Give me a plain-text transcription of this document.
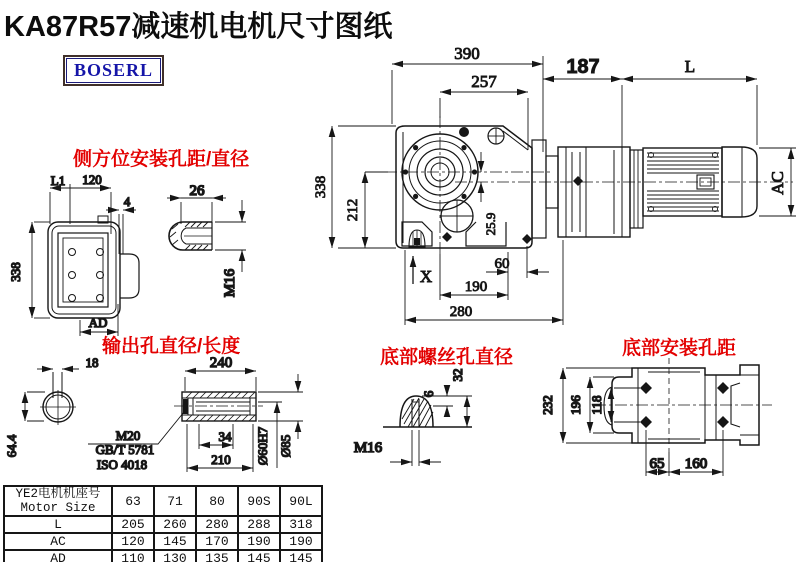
KA87R57减速机电机尺寸图纸
BOSERL
侧方位安装孔距/直径
输出孔直径/长度
底部螺丝孔直径	底部安装孔距
390
257
187	L
AC
338
212
25.9
60
190
280
X
L1 120
4
338
AD
26
M16
18
64.4
240
M20
GB/T 5781
ISO 4018
34
210 Ø60H7 Ø85
32
6
M16
232 196 118
65 160
YE2电机机座号
Motor Size	63	71	80	90S	90L
L	205	260	280	288	318
AC	120	145	170	190	190
AD	110	130	135	145	145
